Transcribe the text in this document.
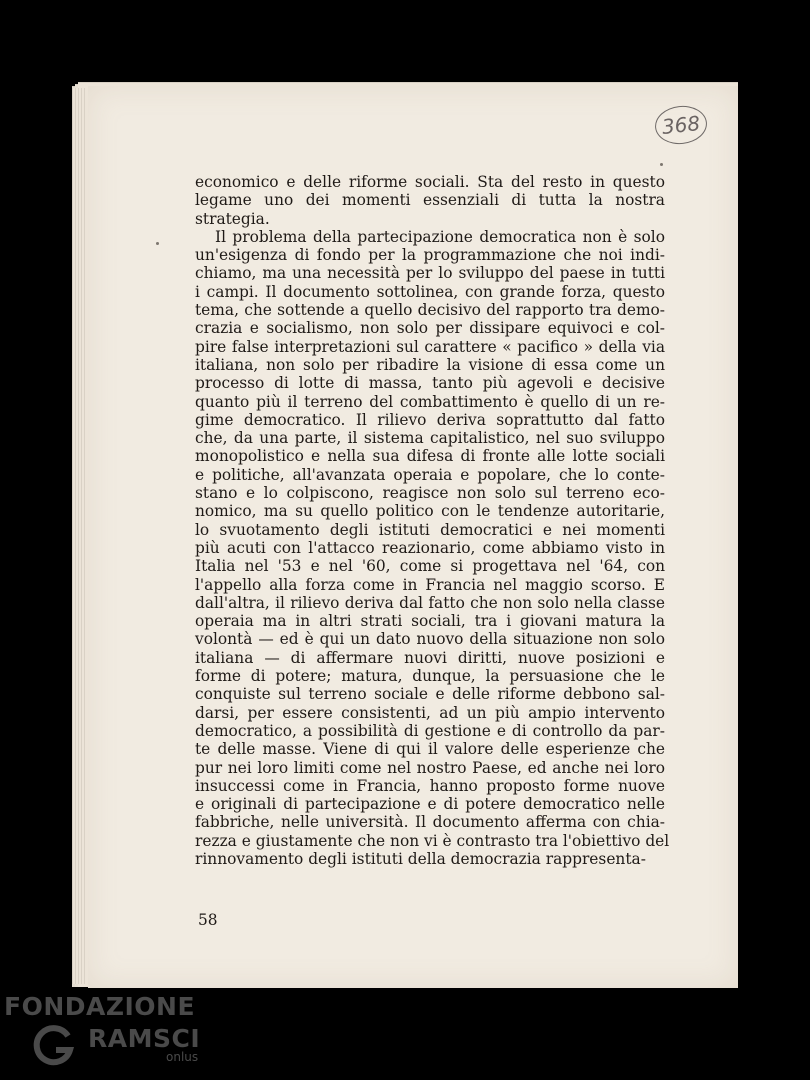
368
economico e delle riforme sociali. Sta del resto in questo
legame uno dei momenti essenziali di tutta la nostra
strategia.
Il problema della partecipazione democratica non è solo
un'esigenza di fondo per la programmazione che noi indi-
chiamo, ma una necessità per lo sviluppo del paese in tutti
i campi. Il documento sottolinea, con grande forza, questo
tema, che sottende a quello decisivo del rapporto tra demo-
crazia e socialismo, non solo per dissipare equivoci e col-
pire false interpretazioni sul carattere « pacifico » della via
italiana, non solo per ribadire la visione di essa come un
processo di lotte di massa, tanto più agevoli e decisive
quanto più il terreno del combattimento è quello di un re-
gime democratico. Il rilievo deriva soprattutto dal fatto
che, da una parte, il sistema capitalistico, nel suo sviluppo
monopolistico e nella sua difesa di fronte alle lotte sociali
e politiche, all'avanzata operaia e popolare, che lo conte-
stano e lo colpiscono, reagisce non solo sul terreno eco-
nomico, ma su quello politico con le tendenze autoritarie,
lo svuotamento degli istituti democratici e nei momenti
più acuti con l'attacco reazionario, come abbiamo visto in
Italia nel '53 e nel '60, come si progettava nel '64, con
l'appello alla forza come in Francia nel maggio scorso. E
dall'altra, il rilievo deriva dal fatto che non solo nella classe
operaia ma in altri strati sociali, tra i giovani matura la
volontà — ed è qui un dato nuovo della situazione non solo
italiana — di affermare nuovi diritti, nuove posizioni e
forme di potere; matura, dunque, la persuasione che le
conquiste sul terreno sociale e delle riforme debbono sal-
darsi, per essere consistenti, ad un più ampio intervento
democratico, a possibilità di gestione e di controllo da par-
te delle masse. Viene di qui il valore delle esperienze che
pur nei loro limiti come nel nostro Paese, ed anche nei loro
insuccessi come in Francia, hanno proposto forme nuove
e originali di partecipazione e di potere democratico nelle
fabbriche, nelle università. Il documento afferma con chia-
rezza e giustamente che non vi è contrasto tra l'obiettivo del
rinnovamento degli istituti della democrazia rappresenta-
58
FONDAZIONE
RAMSCI
onlus
